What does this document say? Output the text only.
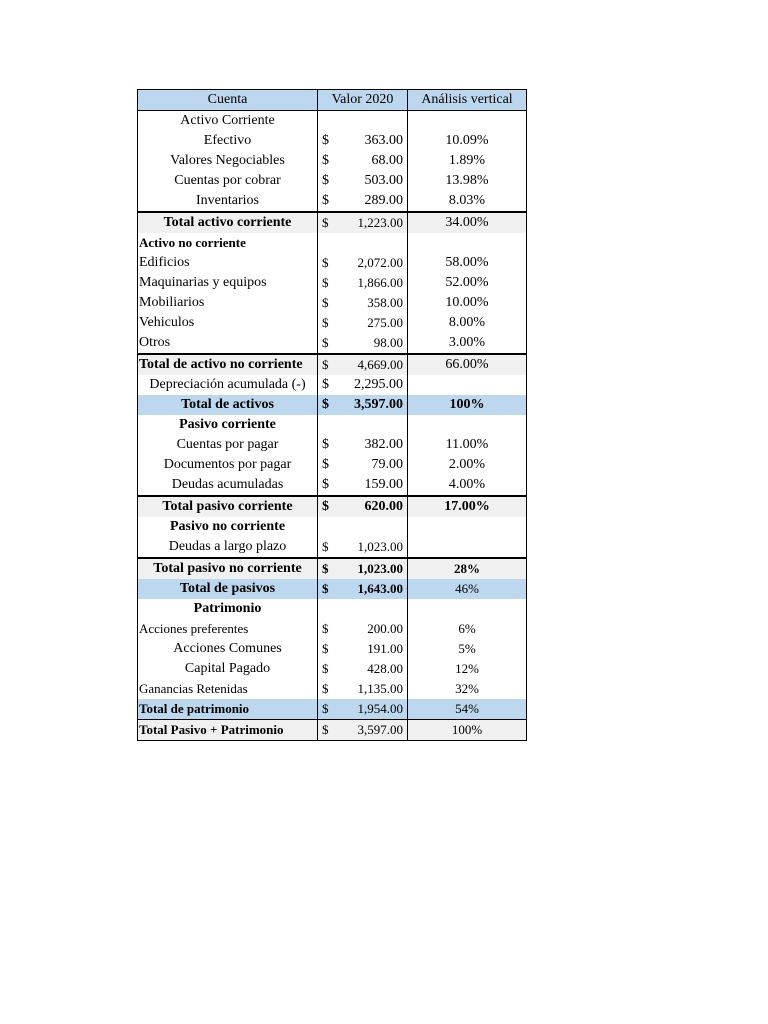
Cuenta	Valor 2020	Análisis vertical
Activo Corriente		
Efectivo	$ 363.00	10.09%
Valores Negociables	$ 68.00	1.89%
Cuentas por cobrar	$ 503.00	13.98%
Inventarios	$ 289.00	8.03%
Total activo corriente	$ 1,223.00	34.00%
Activo no corriente		
Edificios	$ 2,072.00	58.00%
Maquinarias y equipos	$ 1,866.00	52.00%
Mobiliarios	$ 358.00	10.00%
Vehiculos	$ 275.00	8.00%
Otros	$ 98.00	3.00%
Total de activo no corriente	$ 4,669.00	66.00%
Depreciación acumulada (-)	$ 2,295.00	

Total de activos	$ 3,597.00	100%
Pasivo corriente		
Cuentas por pagar	$ 382.00	11.00%
Documentos por pagar	$ 79.00	2.00%
Deudas acumuladas	$ 159.00	4.00%
Total pasivo corriente	$ 620.00	17.00%
Pasivo no corriente		
Deudas a largo plazo	$ 1,023.00	

Total pasivo no corriente	$ 1,023.00	28%
Total de pasivos	$ 1,643.00	46%
Patrimonio		
Acciones preferentes	$ 200.00	6%
Acciones Comunes	$ 191.00	5%
Capital Pagado	$ 428.00	12%
Ganancias Retenidas	$ 1,135.00	32%
Total de patrimonio	$ 1,954.00	54%
Total Pasivo + Patrimonio	$ 3,597.00	100%
